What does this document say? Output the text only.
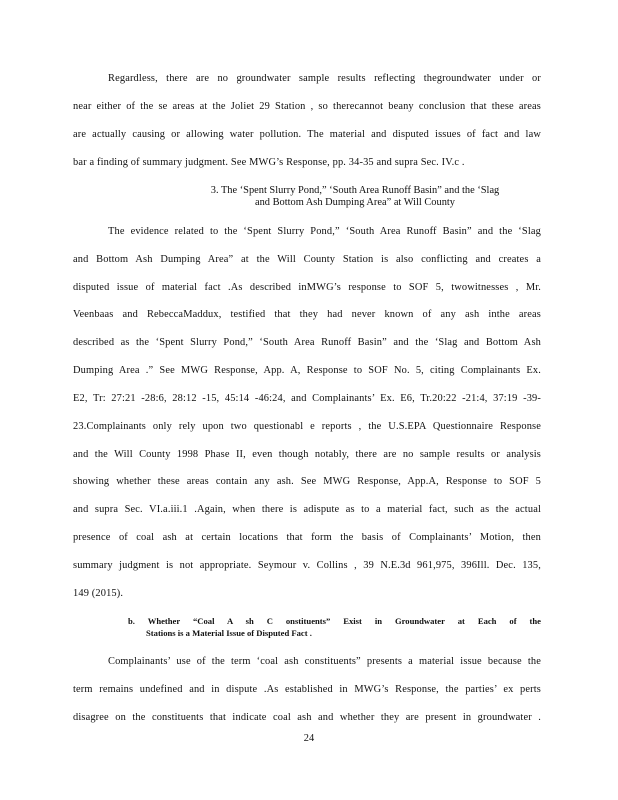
Regardless, there are no groundwater sample results reflecting thegroundwater under or
near either of the se areas at the Joliet 29 Station , so therecannot beany conclusion that these areas
are actually causing or allowing water pollution. The material and disputed issues of fact and law
bar a finding of summary judgment. See MWG’s Response, pp. 34-35 and supra Sec. IV.c .
3. The ‘Spent Slurry Pond,” ‘South Area Runoff Basin” and the ‘Slag
and Bottom Ash Dumping Area” at Will County
The evidence related to the ‘Spent Slurry Pond,” ‘South Area Runoff Basin” and the ‘Slag
and Bottom Ash Dumping Area” at the Will County Station is also conflicting and creates a
disputed issue of material fact .As described inMWG’s response to SOF 5, twowitnesses , Mr.
Veenbaas and RebeccaMaddux, testified that they had never known of any ash inthe areas
described as the ‘Spent Slurry Pond,” ‘South Area Runoff Basin” and the ‘Slag and Bottom Ash
Dumping Area .” See MWG Response, App. A, Response to SOF No. 5, citing Complainants Ex.
E2, Tr: 27:21 -28:6, 28:12 -15, 45:14 -46:24, and Complainants’ Ex. E6, Tr.20:22 -21:4, 37:19 -39-
23.Complainants only rely upon two questionabl e reports , the U.S.EPA Questionnaire Response
and the Will County 1998 Phase II, even though notably, there are no sample results or analysis
showing whether these areas contain any ash. See MWG Response, App.A, Response to SOF 5
and supra Sec. VI.a.iii.1 .Again, when there is adispute as to a material fact, such as the actual
presence of coal ash at certain locations that form the basis of Complainants’ Motion, then
summary judgment is not appropriate. Seymour v. Collins , 39 N.E.3d 961,975, 396Ill. Dec. 135,
149 (2015).
b. Whether “Coal A sh C onstituents” Exist in Groundwater at Each of the
Stations is a Material Issue of Disputed Fact .
Complainants’ use of the term ‘coal ash constituents” presents a material issue because the
term remains undefined and in dispute .As established in MWG’s Response, the parties’ ex perts
disagree on the constituents that indicate coal ash and whether they are present in groundwater .
24
